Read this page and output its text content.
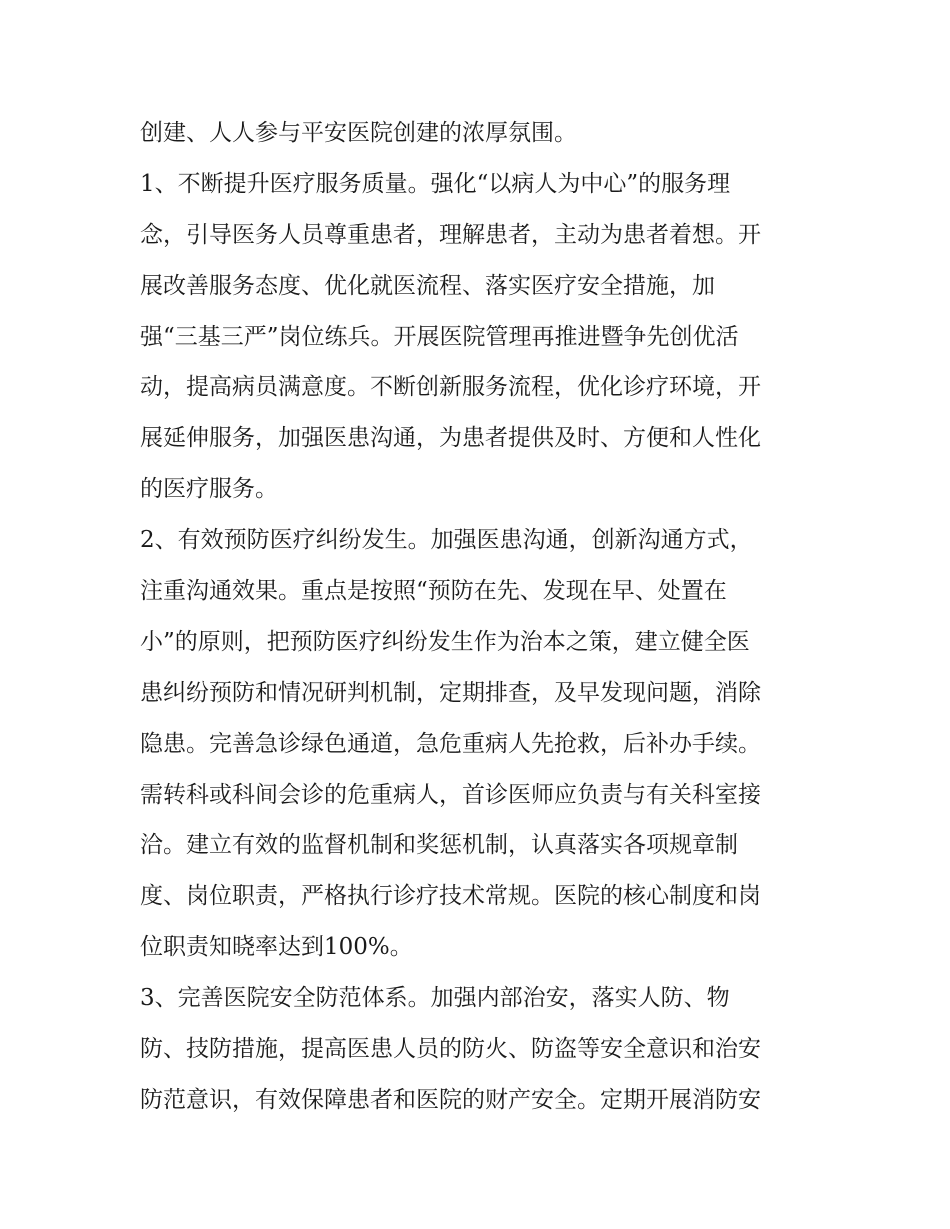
创建、人人参与平安医院创建的浓厚氛围。

1、不断提升医疗服务质量。强化“以病人为中心”的服务理

念，引导医务人员尊重患者，理解患者，主动为患者着想。开

展改善服务态度、优化就医流程、落实医疗安全措施，加

强“三基三严”岗位练兵。开展医院管理再推进暨争先创优活

动，提高病员满意度。不断创新服务流程，优化诊疗环境，开

展延伸服务，加强医患沟通，为患者提供及时、方便和人性化

的医疗服务。

2、有效预防医疗纠纷发生。加强医患沟通，创新沟通方式，

注重沟通效果。重点是按照“预防在先、发现在早、处置在

小”的原则，把预防医疗纠纷发生作为治本之策，建立健全医

患纠纷预防和情况研判机制，定期排查，及早发现问题，消除

隐患。完善急诊绿色通道，急危重病人先抢救，后补办手续。

需转科或科间会诊的危重病人，首诊医师应负责与有关科室接

洽。建立有效的监督机制和奖惩机制，认真落实各项规章制

度、岗位职责，严格执行诊疗技术常规。医院的核心制度和岗

位职责知晓率达到100%。

3、完善医院安全防范体系。加强内部治安，落实人防、物

防、技防措施，提高医患人员的防火、防盗等安全意识和治安

防范意识，有效保障患者和医院的财产安全。定期开展消防安
